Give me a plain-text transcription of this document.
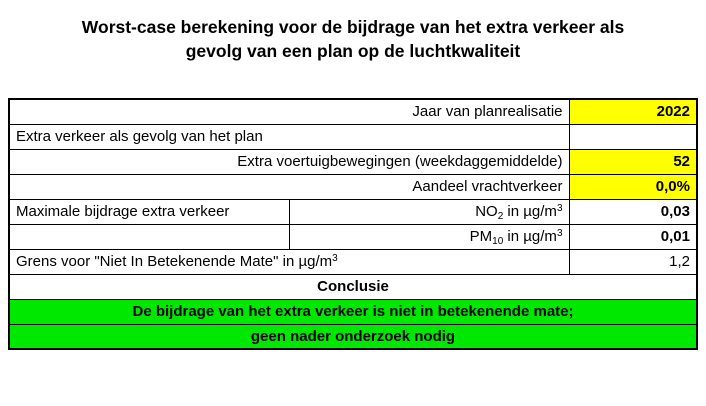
Worst-case berekening voor de bijdrage van het extra verkeer als
gevolg van een plan op de luchtkwaliteit
Jaar van planrealisatie		2022
Extra verkeer als gevolg van het plan		
Extra voertuigbewegingen (weekdaggemiddelde)		52
Aandeel vrachtverkeer		0,0%
Maximale bijdrage extra verkeer	$NO_2$ in $\mu g/m^3$	0,03
	$PM_{10}$ in $\mu g/m^3$	0,01
Grens voor "Niet In Betekenende Mate" in $\mu g/m^3$		1,2
Conclusie		
De bijdrage van het extra verkeer is niet in betekenende mate;		
geen nader onderzoek nodig		
